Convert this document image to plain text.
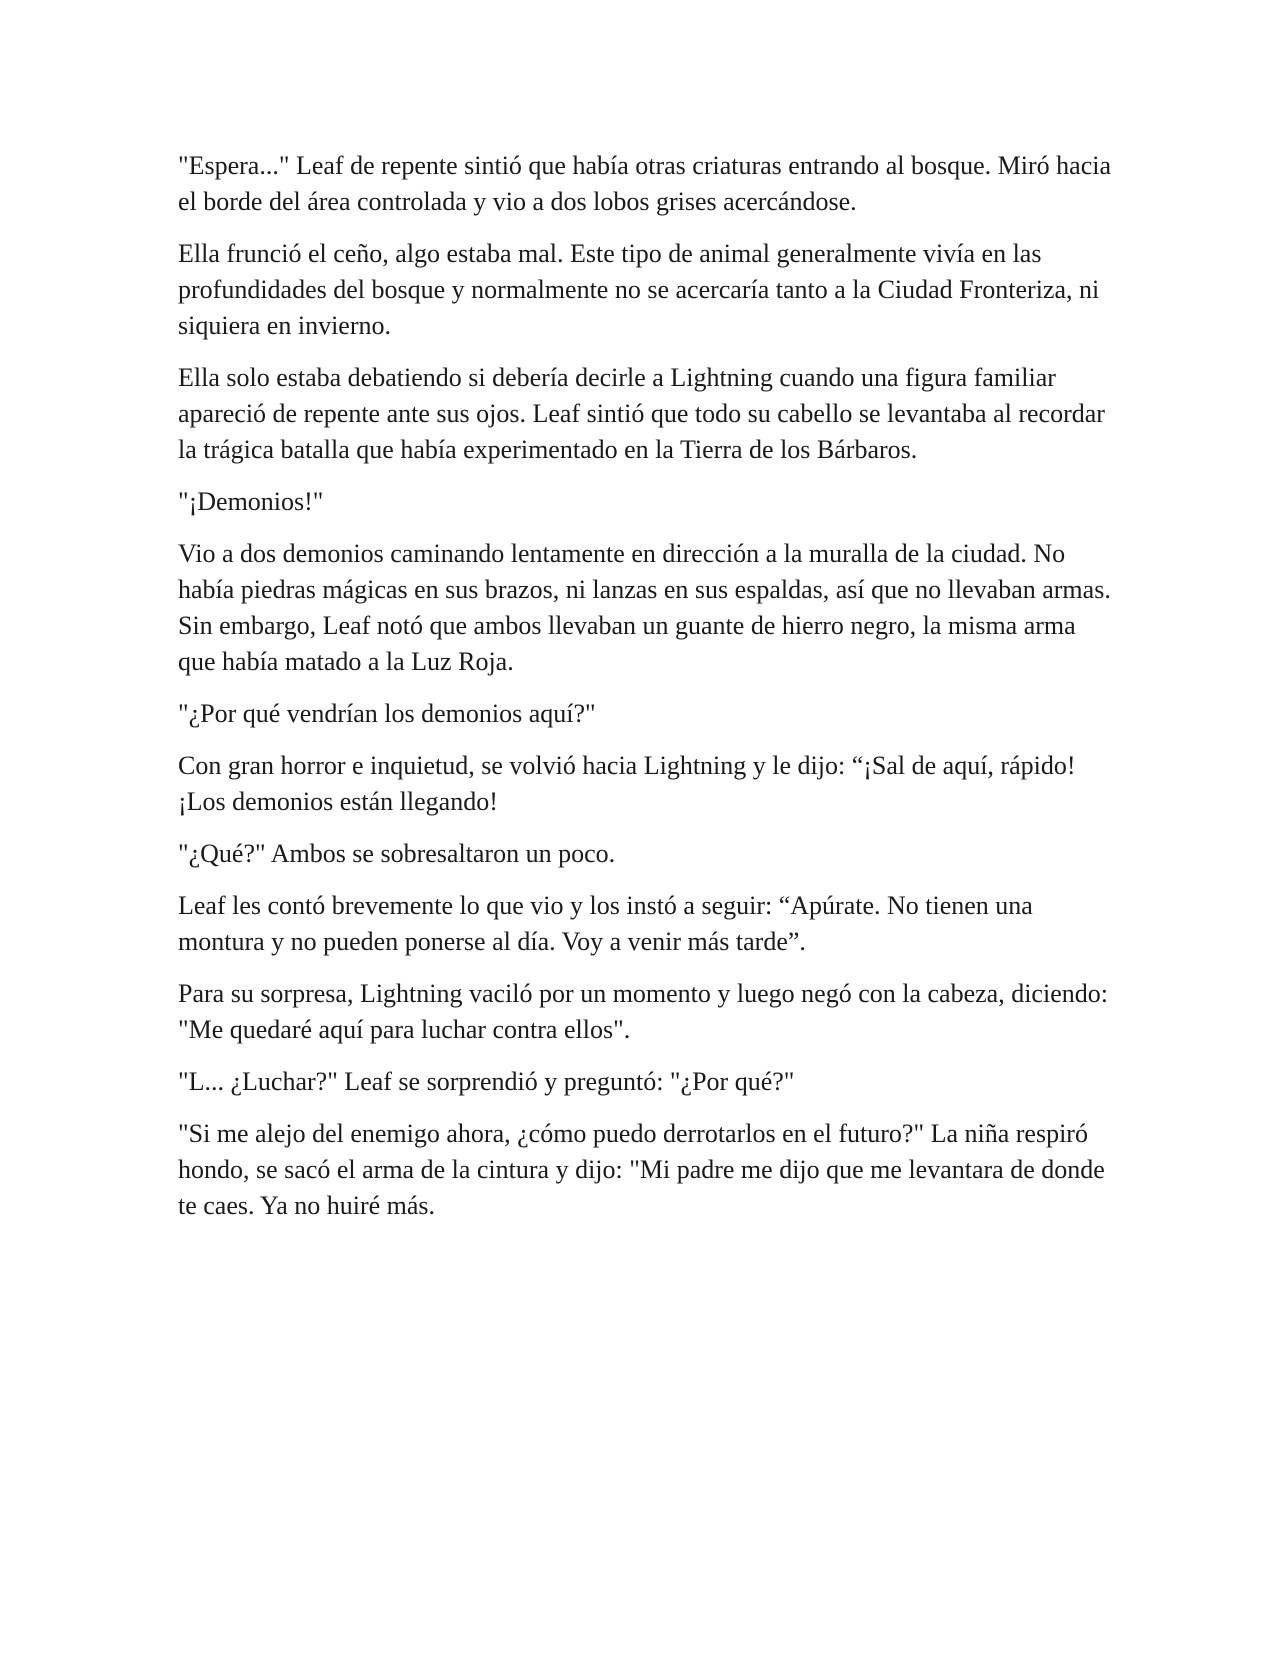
"Espera..." Leaf de repente sintió que había otras criaturas entrando al bosque. Miró hacia el borde del área controlada y vio a dos lobos grises acercándose.

Ella frunció el ceño, algo estaba mal. Este tipo de animal generalmente vivía en las profundidades del bosque y normalmente no se acercaría tanto a la Ciudad Fronteriza, ni siquiera en invierno.

Ella solo estaba debatiendo si debería decirle a Lightning cuando una figura familiar apareció de repente ante sus ojos. Leaf sintió que todo su cabello se levantaba al recordar la trágica batalla que había experimentado en la Tierra de los Bárbaros.

"¡Demonios!"

Vio a dos demonios caminando lentamente en dirección a la muralla de la ciudad. No había piedras mágicas en sus brazos, ni lanzas en sus espaldas, así que no llevaban armas. Sin embargo, Leaf notó que ambos llevaban un guante de hierro negro, la misma arma que había matado a la Luz Roja.

"¿Por qué vendrían los demonios aquí?"

Con gran horror e inquietud, se volvió hacia Lightning y le dijo: “¡Sal de aquí, rápido! ¡Los demonios están llegando!

"¿Qué?" Ambos se sobresaltaron un poco.

Leaf les contó brevemente lo que vio y los instó a seguir: “Apúrate. No tienen una montura y no pueden ponerse al día. Voy a venir más tarde”.

Para su sorpresa, Lightning vaciló por un momento y luego negó con la cabeza, diciendo: "Me quedaré aquí para luchar contra ellos".

"L... ¿Luchar?" Leaf se sorprendió y preguntó: "¿Por qué?"

"Si me alejo del enemigo ahora, ¿cómo puedo derrotarlos en el futuro?" La niña respiró hondo, se sacó el arma de la cintura y dijo: "Mi padre me dijo que me levantara de donde te caes. Ya no huiré más.
